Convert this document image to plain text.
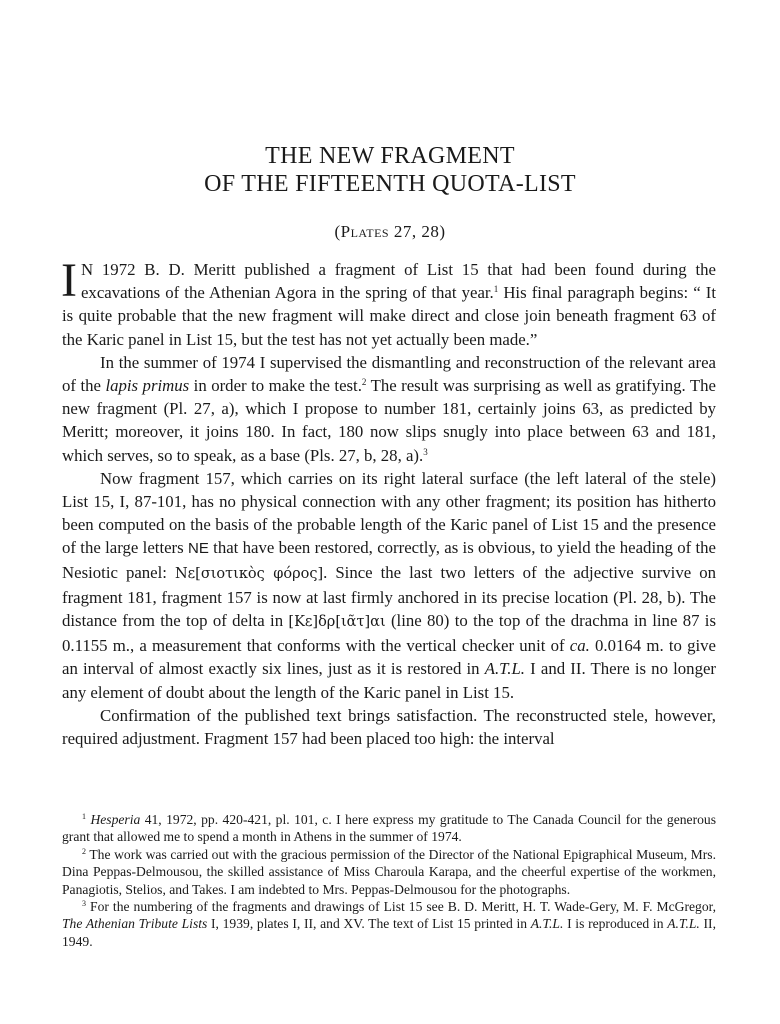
THE NEW FRAGMENT
OF THE FIFTEENTH QUOTA-LIST
(Plates 27, 28)

I N 1972 B. D. Meritt published a fragment of List 15 that had been found during the excavations of the Athenian Agora in the spring of that year.$^1$ His final paragraph begins: “ It is quite probable that the new fragment will make direct and close join beneath fragment 63 of the Karic panel in List 15, but the test has not yet actually been made.”

In the summer of 1974 I supervised the dismantling and reconstruction of the relevant area of the lapis primus in order to make the test.$^2$ The result was surprising as well as gratifying. The new fragment (Pl. 27, a), which I propose to number 181, certainly joins 63, as predicted by Meritt; moreover, it joins 180. In fact, 180 now slips snugly into place between 63 and 181, which serves, so to speak, as a base (Pls. 27, b, 28, a).$^3$

Now fragment 157, which carries on its right lateral surface (the left lateral of the stele) List 15, I, 87-101, has no physical connection with any other fragment; its position has hitherto been computed on the basis of the probable length of the Karic panel of List 15 and the presence of the large letters NE that have been restored, correctly, as is obvious, to yield the heading of the Nesiotic panel: Νε[σιοτικὸς φόρος]. Since the last two letters of the adjective survive on fragment 181, fragment 157 is now at last firmly anchored in its precise location (Pl. 28, b). The distance from the top of delta in [Κε]δρ[ιᾶτ]αι (line 80) to the top of the drachma in line 87 is 0.1155 m., a measurement that conforms with the vertical checker unit of ca. 0.0164 m. to give an interval of almost exactly six lines, just as it is restored in A.T.L. I and II. There is no longer any element of doubt about the length of the Karic panel in List 15.

Confirmation of the published text brings satisfaction. The reconstructed stele, however, required adjustment. Fragment 157 had been placed too high: the interval

$^1$ Hesperia 41, 1972, pp. 420-421, pl. 101, c. I here express my gratitude to The Canada Council for the generous grant that allowed me to spend a month in Athens in the summer of 1974.

$^2$ The work was carried out with the gracious permission of the Director of the National Epigraphical Museum, Mrs. Dina Peppas-Delmousou, the skilled assistance of Miss Charoula Karapa, and the cheerful expertise of the workmen, Panagiotis, Stelios, and Takes. I am indebted to Mrs. Peppas-Delmousou for the photographs.

$^3$ For the numbering of the fragments and drawings of List 15 see B. D. Meritt, H. T. Wade-Gery, M. F. McGregor, The Athenian Tribute Lists I, 1939, plates I, II, and XV. The text of List 15 printed in A.T.L. I is reproduced in A.T.L. II, 1949.
